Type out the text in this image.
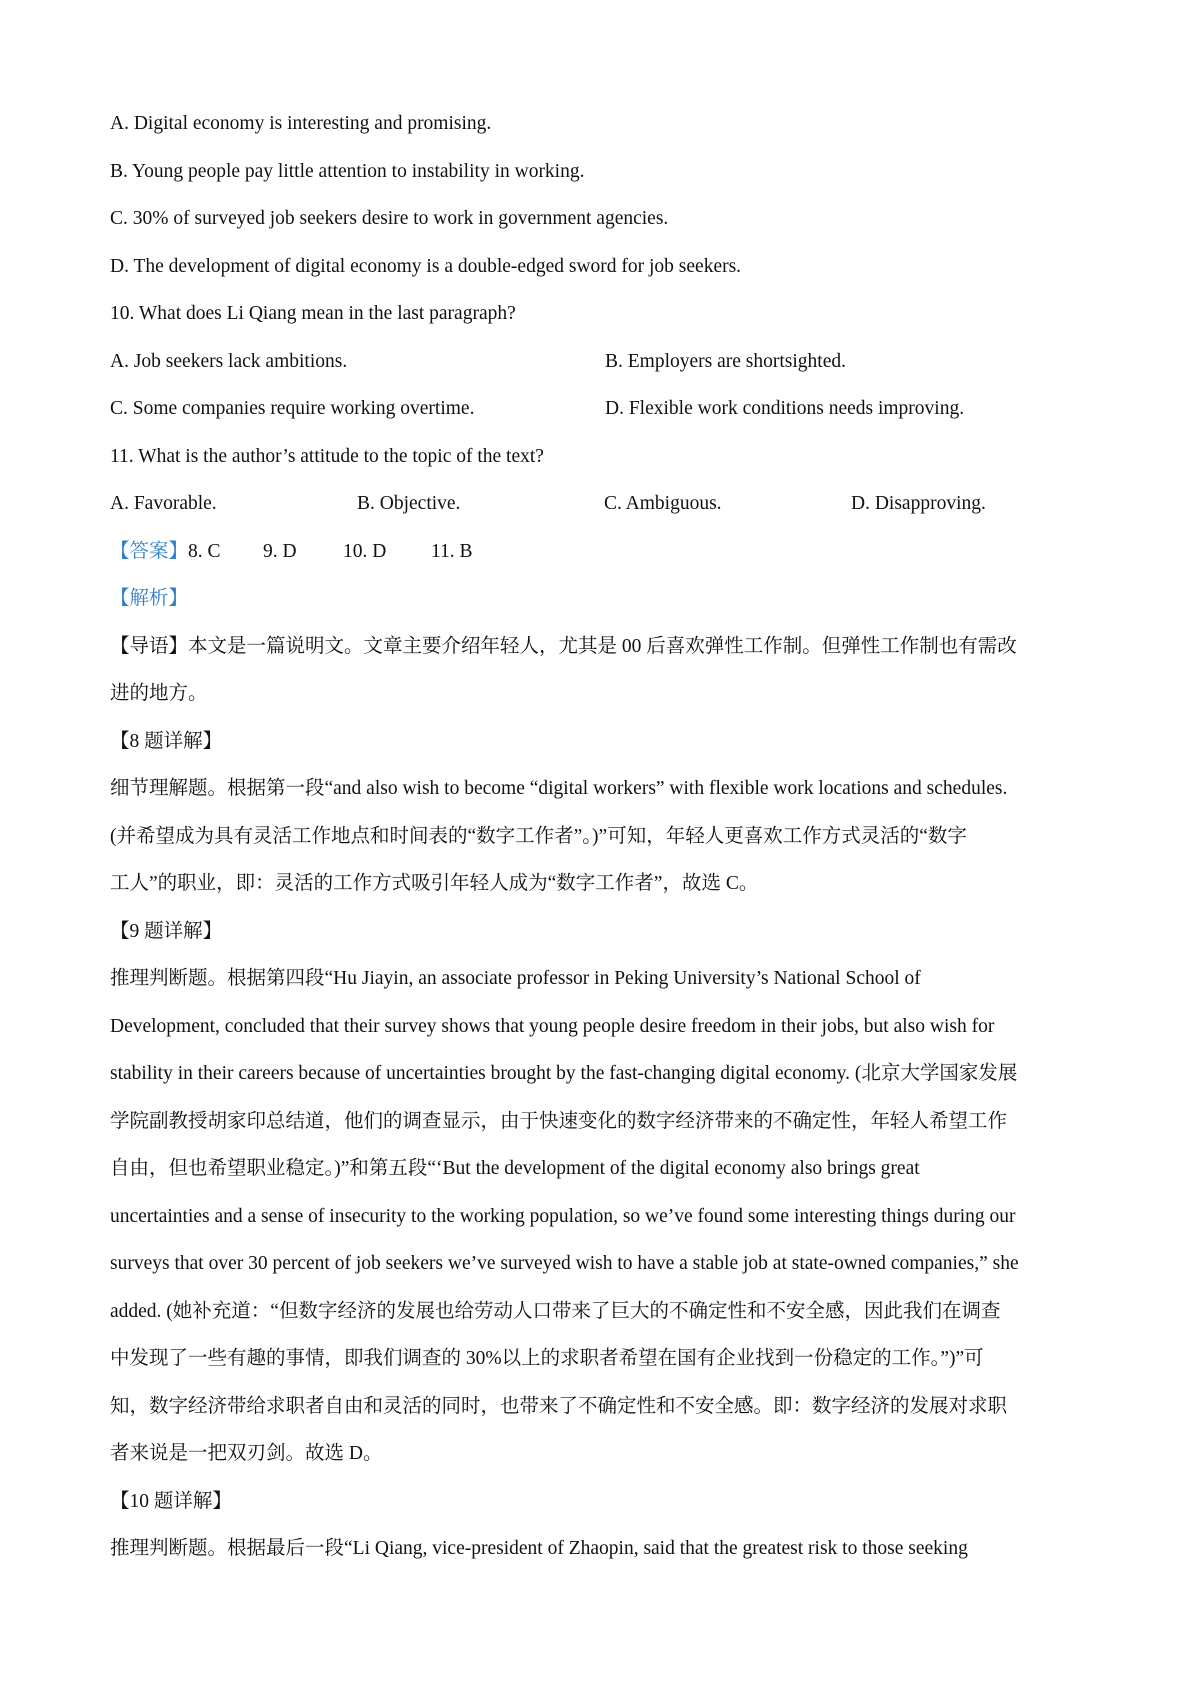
A. Digital economy is interesting and promising.
B. Young people pay little attention to instability in working.
C. 30% of surveyed job seekers desire to work in government agencies.
D. The development of digital economy is a double-edged sword for job seekers.
10. What does Li Qiang mean in the last paragraph?
A. Job seekers lack ambitions.	B. Employers are shortsighted.
C. Some companies require working overtime.	D. Flexible work conditions needs improving.
11. What is the author’s attitude to the topic of the text?
A. Favorable.	B. Objective.	C. Ambiguous.	D. Disapproving.
【答案】8. C 9. D 10. D 11. B
【解析】
【导语】本文是一篇说明文。文章主要介绍年轻人，尤其是 00 后喜欢弹性工作制。但弹性工作制也有需改
进的地方。
【8 题详解】
细节理解题。根据第一段“and also wish to become “digital workers” with flexible work locations and schedules.
(并希望成为具有灵活工作地点和时间表的“数字工作者”。)”可知，年轻人更喜欢工作方式灵活的“数字
工人”的职业，即：灵活的工作方式吸引年轻人成为“数字工作者”，故选 C。
【9 题详解】
推理判断题。根据第四段“Hu Jiayin, an associate professor in Peking University’s National School of
Development, concluded that their survey shows that young people desire freedom in their jobs, but also wish for
stability in their careers because of uncertainties brought by the fast-changing digital economy. (北京大学国家发展
学院副教授胡家印总结道，他们的调查显示，由于快速变化的数字经济带来的不确定性，年轻人希望工作
自由，但也希望职业稳定。)”和第五段“‘But the development of the digital economy also brings great
uncertainties and a sense of insecurity to the working population, so we’ve found some interesting things during our
surveys that over 30 percent of job seekers we’ve surveyed wish to have a stable job at state-owned companies,” she
added. (她补充道：“但数字经济的发展也给劳动人口带来了巨大的不确定性和不安全感，因此我们在调查
中发现了一些有趣的事情，即我们调查的 30%以上的求职者希望在国有企业找到一份稳定的工作。”)”可
知，数字经济带给求职者自由和灵活的同时，也带来了不确定性和不安全感。即：数字经济的发展对求职
者来说是一把双刃剑。故选 D。
【10 题详解】
推理判断题。根据最后一段“Li Qiang, vice-president of Zhaopin, said that the greatest risk to those seeking
